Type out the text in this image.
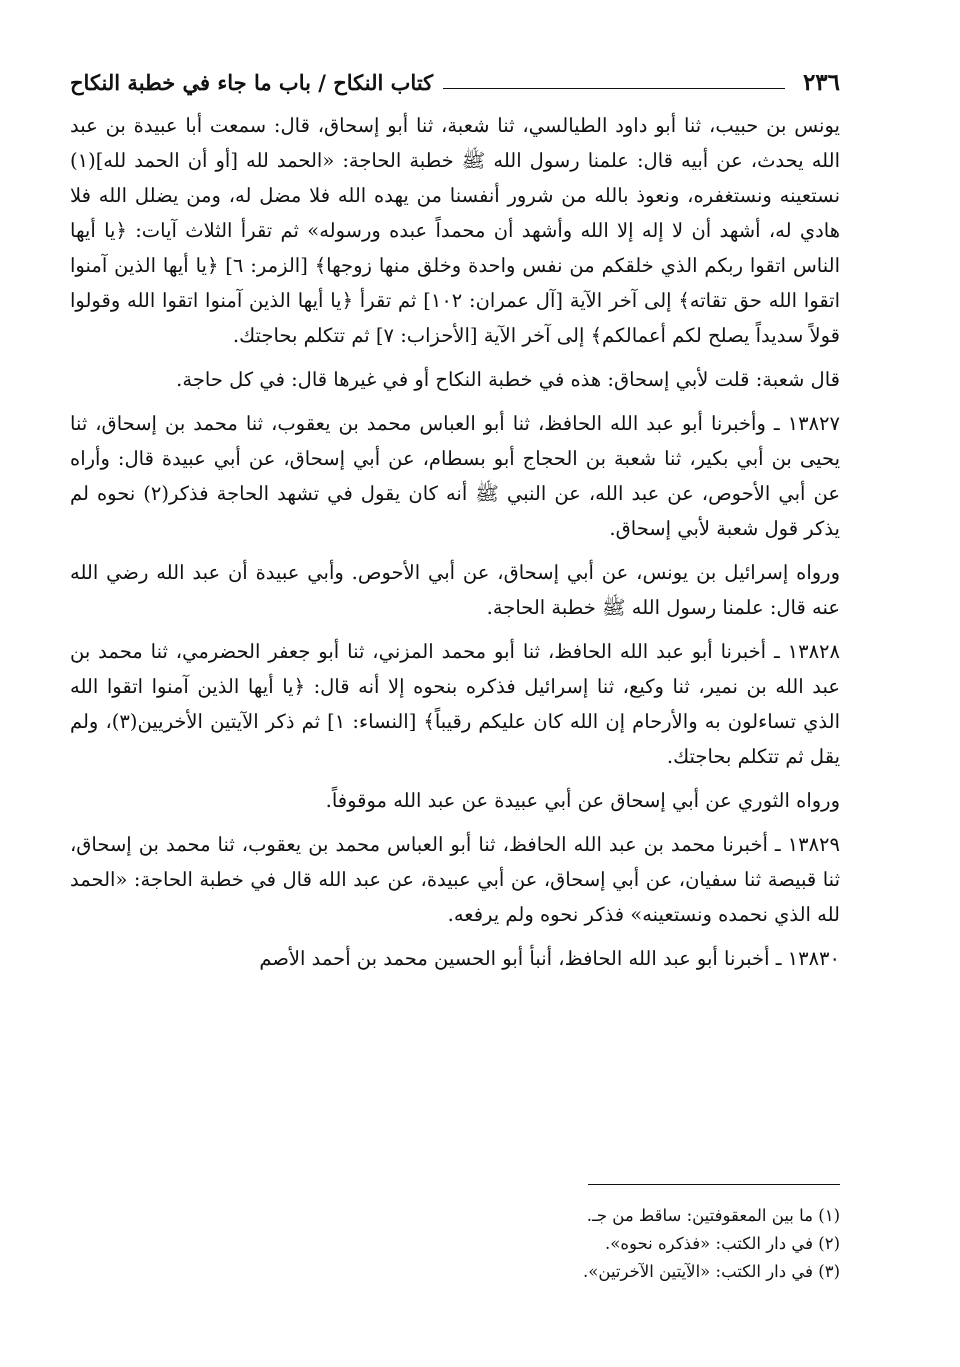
٢٣٦
كتاب النكاح / باب ما جاء في خطبة النكاح

يونس بن حبيب، ثنا أبو داود الطيالسي، ثنا شعبة، ثنا أبو إسحاق، قال: سمعت أبا عبيدة بن عبد الله يحدث، عن أبيه قال: علمنا رسول الله ﷺ خطبة الحاجة: «الحمد لله [أو أن الحمد لله](١) نستعينه ونستغفره، ونعوذ بالله من شرور أنفسنا من يهده الله فلا مضل له، ومن يضلل الله فلا هادي له، أشهد أن لا إله إلا الله وأشهد أن محمداً عبده ورسوله» ثم تقرأ الثلاث آيات: ﴿يا أيها الناس اتقوا ربكم الذي خلقكم من نفس واحدة وخلق منها زوجها﴾ [الزمر: ٦] ﴿يا أيها الذين آمنوا اتقوا الله حق تقاته﴾ إلى آخر الآية [آل عمران: ١٠٢] ثم تقرأ ﴿يا أيها الذين آمنوا اتقوا الله وقولوا قولاً سديداً يصلح لكم أعمالكم﴾ إلى آخر الآية [الأحزاب: ٧] ثم تتكلم بحاجتك.

قال شعبة: قلت لأبي إسحاق: هذه في خطبة النكاح أو في غيرها قال: في كل حاجة.

١٣٨٢٧ ـ وأخبرنا أبو عبد الله الحافظ، ثنا أبو العباس محمد بن يعقوب، ثنا محمد بن إسحاق، ثنا يحيى بن أبي بكير، ثنا شعبة بن الحجاج أبو بسطام، عن أبي إسحاق، عن أبي عبيدة قال: وأراه عن أبي الأحوص، عن عبد الله، عن النبي ﷺ أنه كان يقول في تشهد الحاجة فذكر(٢) نحوه لم يذكر قول شعبة لأبي إسحاق.

ورواه إسرائيل بن يونس، عن أبي إسحاق، عن أبي الأحوص. وأبي عبيدة أن عبد الله رضي الله عنه قال: علمنا رسول الله ﷺ خطبة الحاجة.

١٣٨٢٨ ـ أخبرنا أبو عبد الله الحافظ، ثنا أبو محمد المزني، ثنا أبو جعفر الحضرمي، ثنا محمد بن عبد الله بن نمير، ثنا وكيع، ثنا إسرائيل فذكره بنحوه إلا أنه قال: ﴿يا أيها الذين آمنوا اتقوا الله الذي تساءلون به والأرحام إن الله كان عليكم رقيباً﴾ [النساء: ١] ثم ذكر الآيتين الأخريين(٣)، ولم يقل ثم تتكلم بحاجتك.

ورواه الثوري عن أبي إسحاق عن أبي عبيدة عن عبد الله موقوفاً.

١٣٨٢٩ ـ أخبرنا محمد بن عبد الله الحافظ، ثنا أبو العباس محمد بن يعقوب، ثنا محمد بن إسحاق، ثنا قبيصة ثنا سفيان، عن أبي إسحاق، عن أبي عبيدة، عن عبد الله قال في خطبة الحاجة: «الحمد لله الذي نحمده ونستعينه» فذكر نحوه ولم يرفعه.

١٣٨٣٠ ـ أخبرنا أبو عبد الله الحافظ، أنبأ أبو الحسين محمد بن أحمد الأصم

(١) ما بين المعقوفتين: ساقط من جـ.
(٢) في دار الكتب: «فذكره نحوه».
(٣) في دار الكتب: «الآيتين الآخرتين».
